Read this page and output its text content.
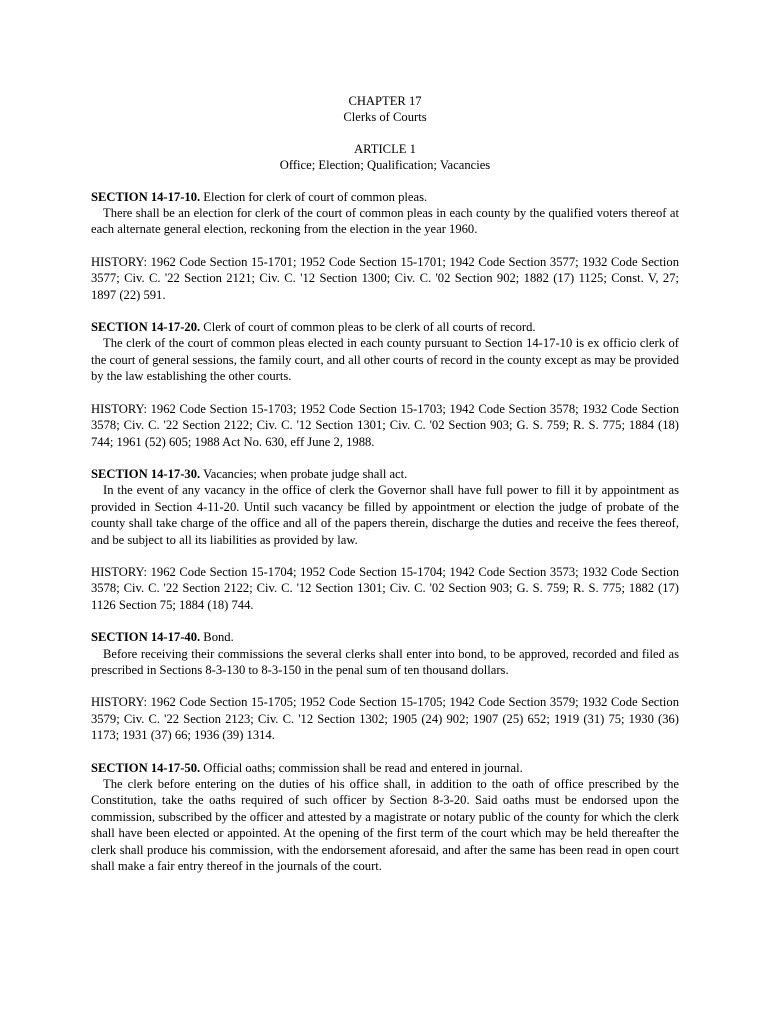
CHAPTER 17
Clerks of Courts
ARTICLE 1
Office; Election; Qualification; Vacancies

SECTION 14-17-10. Election for clerk of court of common pleas.

There shall be an election for clerk of the court of common pleas in each county by the qualified voters thereof at each alternate general election, reckoning from the election in the year 1960.

HISTORY: 1962 Code Section 15-1701; 1952 Code Section 15-1701; 1942 Code Section 3577; 1932 Code Section 3577; Civ. C. '22 Section 2121; Civ. C. '12 Section 1300; Civ. C. '02 Section 902; 1882 (17) 1125; Const. V, 27; 1897 (22) 591.

SECTION 14-17-20. Clerk of court of common pleas to be clerk of all courts of record.

The clerk of the court of common pleas elected in each county pursuant to Section 14-17-10 is ex officio clerk of the court of general sessions, the family court, and all other courts of record in the county except as may be provided by the law establishing the other courts.

HISTORY: 1962 Code Section 15-1703; 1952 Code Section 15-1703; 1942 Code Section 3578; 1932 Code Section 3578; Civ. C. '22 Section 2122; Civ. C. '12 Section 1301; Civ. C. '02 Section 903; G. S. 759; R. S. 775; 1884 (18) 744; 1961 (52) 605; 1988 Act No. 630, eff June 2, 1988.

SECTION 14-17-30. Vacancies; when probate judge shall act.

In the event of any vacancy in the office of clerk the Governor shall have full power to fill it by appointment as provided in Section 4-11-20. Until such vacancy be filled by appointment or election the judge of probate of the county shall take charge of the office and all of the papers therein, discharge the duties and receive the fees thereof, and be subject to all its liabilities as provided by law.

HISTORY: 1962 Code Section 15-1704; 1952 Code Section 15-1704; 1942 Code Section 3573; 1932 Code Section 3578; Civ. C. '22 Section 2122; Civ. C. '12 Section 1301; Civ. C. '02 Section 903; G. S. 759; R. S. 775; 1882 (17) 1126 Section 75; 1884 (18) 744.

SECTION 14-17-40. Bond.

Before receiving their commissions the several clerks shall enter into bond, to be approved, recorded and filed as prescribed in Sections 8-3-130 to 8-3-150 in the penal sum of ten thousand dollars.

HISTORY: 1962 Code Section 15-1705; 1952 Code Section 15-1705; 1942 Code Section 3579; 1932 Code Section 3579; Civ. C. '22 Section 2123; Civ. C. '12 Section 1302; 1905 (24) 902; 1907 (25) 652; 1919 (31) 75; 1930 (36) 1173; 1931 (37) 66; 1936 (39) 1314.

SECTION 14-17-50. Official oaths; commission shall be read and entered in journal.

The clerk before entering on the duties of his office shall, in addition to the oath of office prescribed by the Constitution, take the oaths required of such officer by Section 8-3-20. Said oaths must be endorsed upon the commission, subscribed by the officer and attested by a magistrate or notary public of the county for which the clerk shall have been elected or appointed. At the opening of the first term of the court which may be held thereafter the clerk shall produce his commission, with the endorsement aforesaid, and after the same has been read in open court shall make a fair entry thereof in the journals of the court.
